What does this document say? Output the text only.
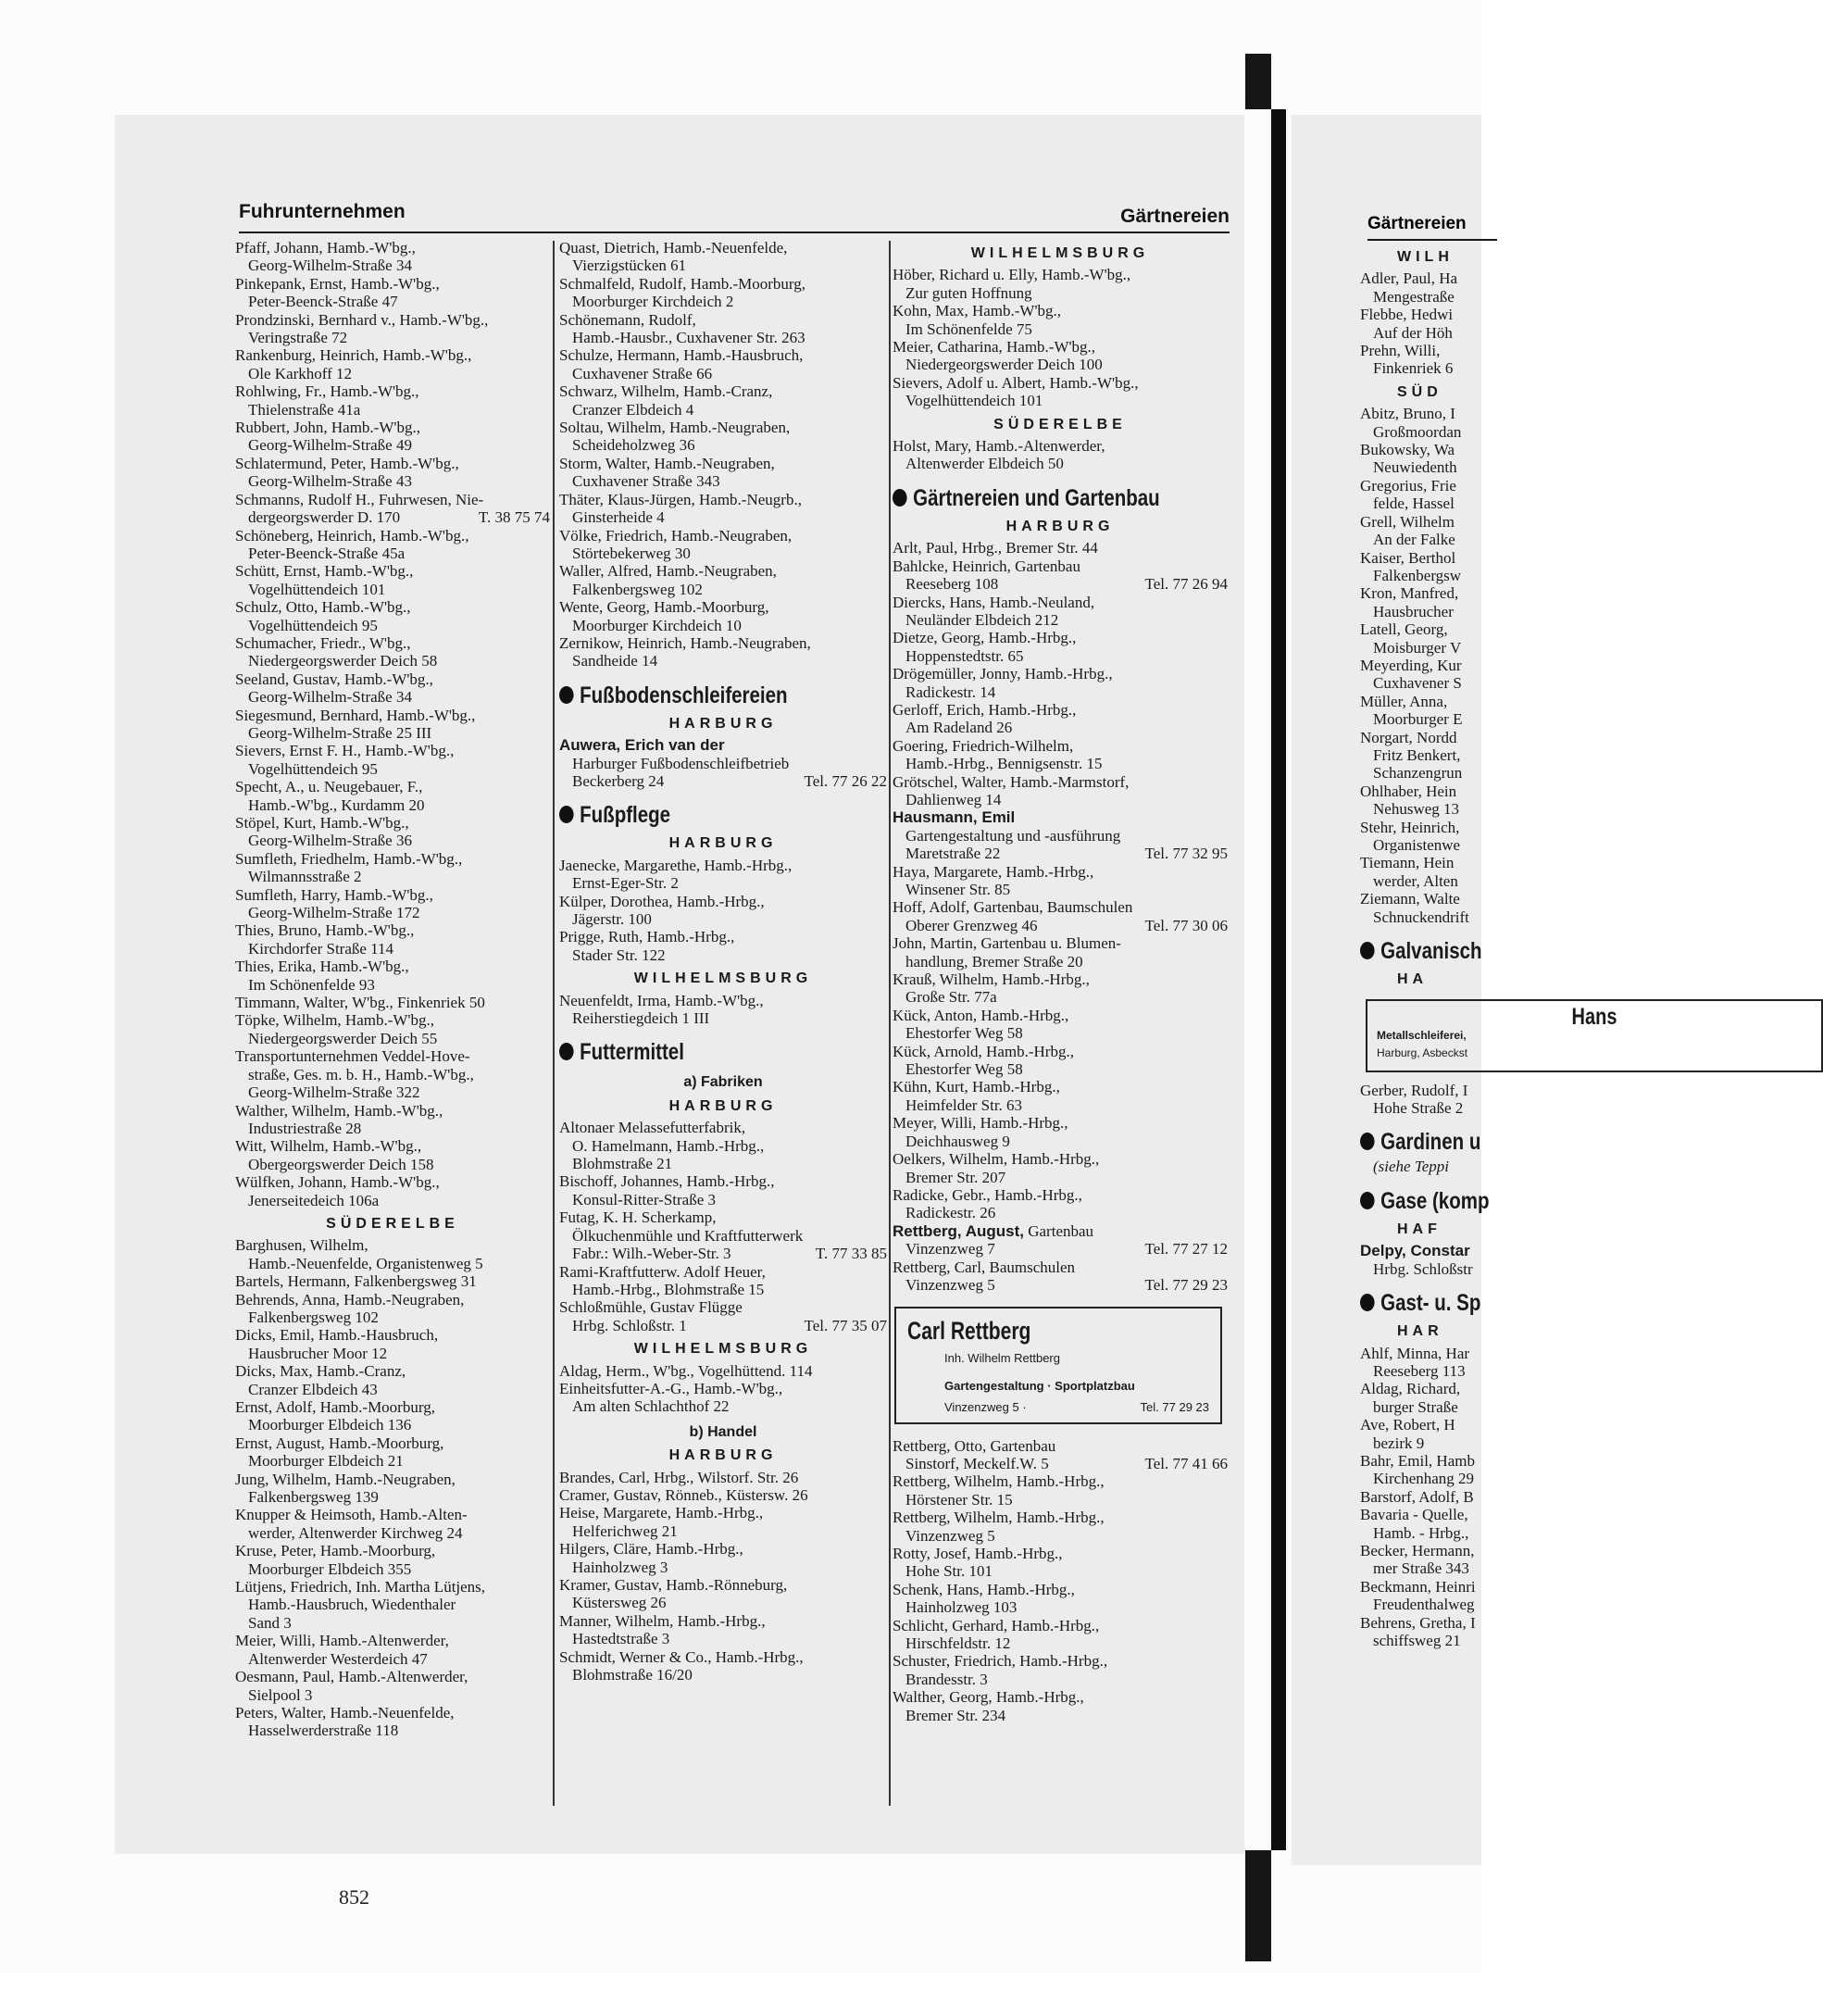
Fuhrunternehmen	Gärtnereien
Pfaff, Johann, Hamb.-W'bg.,
Georg-Wilhelm-Straße 34
Pinkepank, Ernst, Hamb.-W'bg.,
Peter-Beenck-Straße 47
Prondzinski, Bernhard v., Hamb.-W'bg.,
Veringstraße 72
Rankenburg, Heinrich, Hamb.-W'bg.,
Ole Karkhoff 12
Rohlwing, Fr., Hamb.-W'bg.,
Thielenstraße 41a
Rubbert, John, Hamb.-W'bg.,
Georg-Wilhelm-Straße 49
Schlatermund, Peter, Hamb.-W'bg.,
Georg-Wilhelm-Straße 43
Schmanns, Rudolf H., Fuhrwesen, Nie-
dergeorgswerder D. 170	T. 38 75 74
Schöneberg, Heinrich, Hamb.-W'bg.,
Peter-Beenck-Straße 45a
Schütt, Ernst, Hamb.-W'bg.,
Vogelhüttendeich 101
Schulz, Otto, Hamb.-W'bg.,
Vogelhüttendeich 95
Schumacher, Friedr., W'bg.,
Niedergeorgswerder Deich 58
Seeland, Gustav, Hamb.-W'bg.,
Georg-Wilhelm-Straße 34
Siegesmund, Bernhard, Hamb.-W'bg.,
Georg-Wilhelm-Straße 25 III
Sievers, Ernst F. H., Hamb.-W'bg.,
Vogelhüttendeich 95
Specht, A., u. Neugebauer, F.,
Hamb.-W'bg., Kurdamm 20
Stöpel, Kurt, Hamb.-W'bg.,
Georg-Wilhelm-Straße 36
Sumfleth, Friedhelm, Hamb.-W'bg.,
Wilmannsstraße 2
Sumfleth, Harry, Hamb.-W'bg.,
Georg-Wilhelm-Straße 172
Thies, Bruno, Hamb.-W'bg.,
Kirchdorfer Straße 114
Thies, Erika, Hamb.-W'bg.,
Im Schönenfelde 93
Timmann, Walter, W'bg., Finkenriek 50
Töpke, Wilhelm, Hamb.-W'bg.,
Niedergeorgswerder Deich 55
Transportunternehmen Veddel-Hove-
straße, Ges. m. b. H., Hamb.-W'bg.,
Georg-Wilhelm-Straße 322
Walther, Wilhelm, Hamb.-W'bg.,
Industriestraße 28
Witt, Wilhelm, Hamb.-W'bg.,
Obergeorgswerder Deich 158
Wülfken, Johann, Hamb.-W'bg.,
Jenerseitedeich 106a
SÜDERELBE
Barghusen, Wilhelm,
Hamb.-Neuenfelde, Organistenweg 5
Bartels, Hermann, Falkenbergsweg 31
Behrends, Anna, Hamb.-Neugraben,
Falkenbergsweg 102
Dicks, Emil, Hamb.-Hausbruch,
Hausbrucher Moor 12
Dicks, Max, Hamb.-Cranz,
Cranzer Elbdeich 43
Ernst, Adolf, Hamb.-Moorburg,
Moorburger Elbdeich 136
Ernst, August, Hamb.-Moorburg,
Moorburger Elbdeich 21
Jung, Wilhelm, Hamb.-Neugraben,
Falkenbergsweg 139
Knupper & Heimsoth, Hamb.-Alten-
werder, Altenwerder Kirchweg 24
Kruse, Peter, Hamb.-Moorburg,
Moorburger Elbdeich 355
Lütjens, Friedrich, Inh. Martha Lütjens,
Hamb.-Hausbruch, Wiedenthaler
Sand 3
Meier, Willi, Hamb.-Altenwerder,
Altenwerder Westerdeich 47
Oesmann, Paul, Hamb.-Altenwerder,
Sielpool 3
Peters, Walter, Hamb.-Neuenfelde,
Hasselwerderstraße 118
Quast, Dietrich, Hamb.-Neuenfelde,
Vierzigstücken 61
Schmalfeld, Rudolf, Hamb.-Moorburg,
Moorburger Kirchdeich 2
Schönemann, Rudolf,
Hamb.-Hausbr., Cuxhavener Str. 263
Schulze, Hermann, Hamb.-Hausbruch,
Cuxhavener Straße 66
Schwarz, Wilhelm, Hamb.-Cranz,
Cranzer Elbdeich 4
Soltau, Wilhelm, Hamb.-Neugraben,
Scheideholzweg 36
Storm, Walter, Hamb.-Neugraben,
Cuxhavener Straße 343
Thäter, Klaus-Jürgen, Hamb.-Neugrb.,
Ginsterheide 4
Völke, Friedrich, Hamb.-Neugraben,
Störtebekerweg 30
Waller, Alfred, Hamb.-Neugraben,
Falkenbergsweg 102
Wente, Georg, Hamb.-Moorburg,
Moorburger Kirchdeich 10
Zernikow, Heinrich, Hamb.-Neugraben,
Sandheide 14
Fußbodenschleifereien
HARBURG
Auwera, Erich van der
Harburger Fußbodenschleifbetrieb
Beckerberg 24	Tel. 77 26 22
Fußpflege
HARBURG
Jaenecke, Margarethe, Hamb.-Hrbg.,
Ernst-Eger-Str. 2
Külper, Dorothea, Hamb.-Hrbg.,
Jägerstr. 100
Prigge, Ruth, Hamb.-Hrbg.,
Stader Str. 122
WILHELMSBURG
Neuenfeldt, Irma, Hamb.-W'bg.,
Reiherstiegdeich 1 III
Futtermittel
a) Fabriken
HARBURG
Altonaer Melassefutterfabrik,
O. Hamelmann, Hamb.-Hrbg.,
Blohmstraße 21
Bischoff, Johannes, Hamb.-Hrbg.,
Konsul-Ritter-Straße 3
Futag, K. H. Scherkamp,
Ölkuchenmühle und Kraftfutterwerk
Fabr.: Wilh.-Weber-Str. 3	T. 77 33 85
Rami-Kraftfutterw. Adolf Heuer,
Hamb.-Hrbg., Blohmstraße 15
Schloßmühle, Gustav Flügge
Hrbg. Schloßstr. 1	Tel. 77 35 07
WILHELMSBURG
Aldag, Herm., W'bg., Vogelhüttend. 114
Einheitsfutter-A.-G., Hamb.-W'bg.,
Am alten Schlachthof 22
b) Handel
HARBURG
Brandes, Carl, Hrbg., Wilstorf. Str. 26
Cramer, Gustav, Rönneb., Küstersw. 26
Heise, Margarete, Hamb.-Hrbg.,
Helferichweg 21
Hilgers, Cläre, Hamb.-Hrbg.,
Hainholzweg 3
Kramer, Gustav, Hamb.-Rönneburg,
Küstersweg 26
Manner, Wilhelm, Hamb.-Hrbg.,
Hastedtstraße 3
Schmidt, Werner & Co., Hamb.-Hrbg.,
Blohmstraße 16/20
WILHELMSBURG
Höber, Richard u. Elly, Hamb.-W'bg.,
Zur guten Hoffnung
Kohn, Max, Hamb.-W'bg.,
Im Schönenfelde 75
Meier, Catharina, Hamb.-W'bg.,
Niedergeorgswerder Deich 100
Sievers, Adolf u. Albert, Hamb.-W'bg.,
Vogelhüttendeich 101
SÜDERELBE
Holst, Mary, Hamb.-Altenwerder,
Altenwerder Elbdeich 50
Gärtnereien und Gartenbau
HARBURG
Arlt, Paul, Hrbg., Bremer Str. 44
Bahlcke, Heinrich, Gartenbau
Reeseberg 108	Tel. 77 26 94
Diercks, Hans, Hamb.-Neuland,
Neuländer Elbdeich 212
Dietze, Georg, Hamb.-Hrbg.,
Hoppenstedtstr. 65
Drögemüller, Jonny, Hamb.-Hrbg.,
Radickestr. 14
Gerloff, Erich, Hamb.-Hrbg.,
Am Radeland 26
Goering, Friedrich-Wilhelm,
Hamb.-Hrbg., Bennigsenstr. 15
Grötschel, Walter, Hamb.-Marmstorf,
Dahlienweg 14
Hausmann, Emil
Gartengestaltung und -ausführung
Maretstraße 22	Tel. 77 32 95
Haya, Margarete, Hamb.-Hrbg.,
Winsener Str. 85
Hoff, Adolf, Gartenbau, Baumschulen
Oberer Grenzweg 46	Tel. 77 30 06
John, Martin, Gartenbau u. Blumen-
handlung, Bremer Straße 20
Krauß, Wilhelm, Hamb.-Hrbg.,
Große Str. 77a
Kück, Anton, Hamb.-Hrbg.,
Ehestorfer Weg 58
Kück, Arnold, Hamb.-Hrbg.,
Ehestorfer Weg 58
Kühn, Kurt, Hamb.-Hrbg.,
Heimfelder Str. 63
Meyer, Willi, Hamb.-Hrbg.,
Deichhausweg 9
Oelkers, Wilhelm, Hamb.-Hrbg.,
Bremer Str. 207
Radicke, Gebr., Hamb.-Hrbg.,
Radickestr. 26
Rettberg, August, Gartenbau
Vinzenzweg 7	Tel. 77 27 12
Rettberg, Carl, Baumschulen
Vinzenzweg 5	Tel. 77 29 23
Carl Rettberg
Inh. Wilhelm Rettberg
Gartengestaltung · Sportplatzbau
Vinzenzweg 5 ·	Tel. 77 29 23
Rettberg, Otto, Gartenbau
Sinstorf, Meckelf.W. 5	Tel. 77 41 66
Rettberg, Wilhelm, Hamb.-Hrbg.,
Hörstener Str. 15
Rettberg, Wilhelm, Hamb.-Hrbg.,
Vinzenzweg 5
Rotty, Josef, Hamb.-Hrbg.,
Hohe Str. 101
Schenk, Hans, Hamb.-Hrbg.,
Hainholzweg 103
Schlicht, Gerhard, Hamb.-Hrbg.,
Hirschfeldstr. 12
Schuster, Friedrich, Hamb.-Hrbg.,
Brandesstr. 3
Walther, Georg, Hamb.-Hrbg.,
Bremer Str. 234
852
Gärtnereien
WILH
Adler, Paul, Ha
Mengestraße
Flebbe, Hedwi
Auf der Höh
Prehn, Willi,
Finkenriek 6
SÜD
Abitz, Bruno, I
Großmoordan
Bukowsky, Wa
Neuwiedenth
Gregorius, Frie
felde, Hassel
Grell, Wilhelm
An der Falke
Kaiser, Berthol
Falkenbergsw
Kron, Manfred,
Hausbrucher
Latell, Georg,
Moisburger V
Meyerding, Kur
Cuxhavener S
Müller, Anna,
Moorburger E
Norgart, Nordd
Fritz Benkert,
Schanzengrun
Ohlhaber, Hein
Nehusweg 13
Stehr, Heinrich,
Organistenwe
Tiemann, Hein
werder, Alten
Ziemann, Walte
Schnuckendrift
Galvanisch
HA
Hans
Metallschleiferei,
Harburg, Asbeckst
Gerber, Rudolf, I
Hohe Straße 2
Gardinen u
(siehe Teppi
Gase (komp
HAF
Delpy, Constar
Hrbg. Schloßstr
Gast- u. Sp
HAR
Ahlf, Minna, Har
Reeseberg 113
Aldag, Richard,
burger Straße
Ave, Robert, H
bezirk 9
Bahr, Emil, Hamb
Kirchenhang 29
Barstorf, Adolf, B
Bavaria - Quelle,
Hamb. - Hrbg.,
Becker, Hermann,
mer Straße 343
Beckmann, Heinri
Freudenthalweg
Behrens, Gretha, I
schiffsweg 21
